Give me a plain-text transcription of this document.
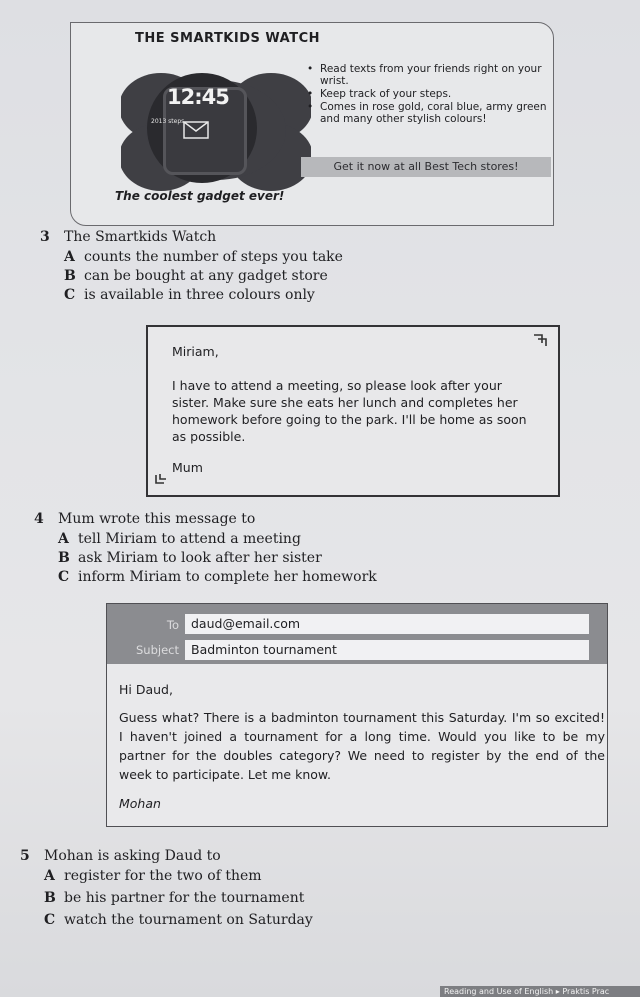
THE SMARTKIDS WATCH
12:45
2013 steps
• Read texts from your friends right on your wrist.
• Keep track of your steps.
• Comes in rose gold, coral blue, army green and many other stylish colours!
Get it now at all Best Tech stores!
The coolest gadget ever!
3 The Smartkids Watch
A counts the number of steps you take
B can be bought at any gadget store
C is available in three colours only
Miriam,
I have to attend a meeting, so please look after your sister. Make sure she eats her lunch and completes her homework before going to the park. I'll be home as soon as possible.
Mum
4 Mum wrote this message to
A tell Miriam to attend a meeting
B ask Miriam to look after her sister
C inform Miriam to complete her homework
To daud@email.com
Subject Badminton tournament
Hi Daud,
Guess what? There is a badminton tournament this Saturday. I'm so excited! I haven't joined a tournament for a long time. Would you like to be my partner for the doubles category? We need to register by the end of the week to participate. Let me know.
Mohan
5 Mohan is asking Daud to
A register for the two of them
B be his partner for the tournament
C watch the tournament on Saturday
Reading and Use of English ▸ Praktis Prac
